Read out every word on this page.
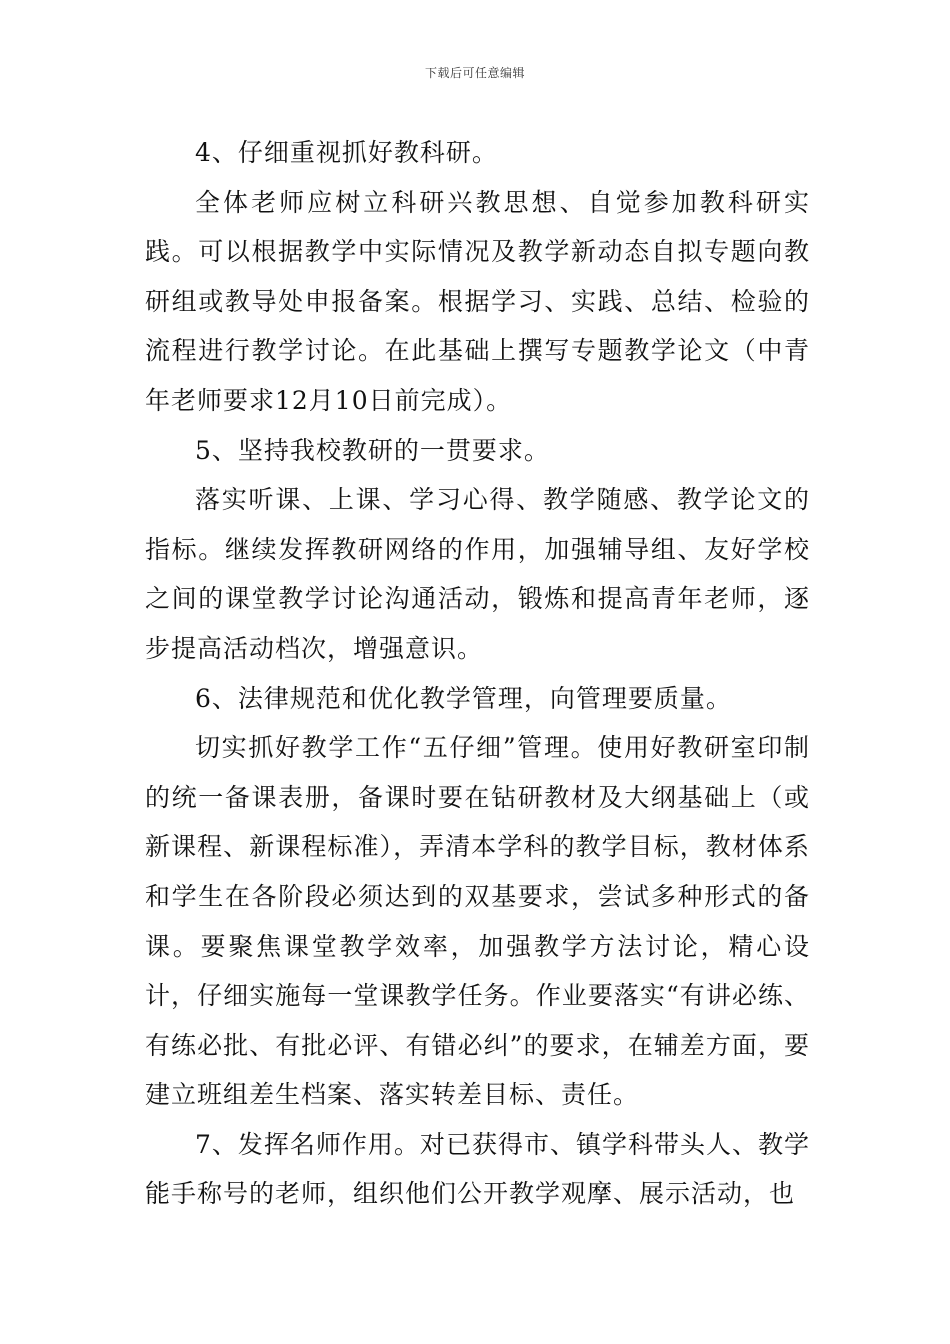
下载后可任意编辑

4、仔细重视抓好教科研。

全体老师应树立科研兴教思想、自觉参加教科研实践。可以根据教学中实际情况及教学新动态自拟专题向教研组或教导处申报备案。根据学习、实践、总结、检验的流程进行教学讨论。在此基础上撰写专题教学论文（中青年老师要求12月10日前完成）。

5、坚持我校教研的一贯要求。

落实听课、上课、学习心得、教学随感、教学论文的指标。继续发挥教研网络的作用，加强辅导组、友好学校之间的课堂教学讨论沟通活动，锻炼和提高青年老师，逐步提高活动档次，增强意识。

6、法律规范和优化教学管理，向管理要质量。

切实抓好教学工作“五仔细”管理。使用好教研室印制的统一备课表册，备课时要在钻研教材及大纲基础上（或新课程、新课程标准），弄清本学科的教学目标，教材体系和学生在各阶段必须达到的双基要求，尝试多种形式的备课。要聚焦课堂教学效率，加强教学方法讨论，精心设计，仔细实施每一堂课教学任务。作业要落实“有讲必练、有练必批、有批必评、有错必纠”的要求，在辅差方面，要建立班组差生档案、落实转差目标、责任。

7、发挥名师作用。对已获得市、镇学科带头人、教学能手称号的老师，组织他们公开教学观摩、展示活动，也
